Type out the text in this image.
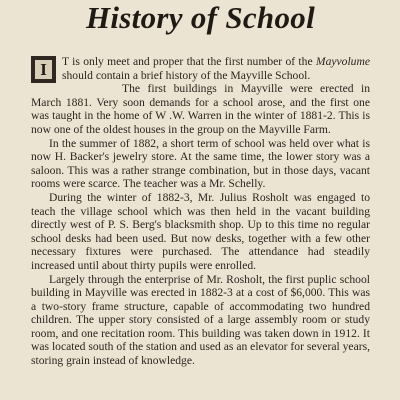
History of School

I T is only meet and proper that the first number of the Mayvolume should contain a brief history of the Mayville School.

The first buildings in Mayville were erected in March 1881. Very soon demands for a school arose, and the first one was taught in the home of W .W. Warren in the winter of 1881-2. This is now one of the oldest houses in the group on the Mayville Farm.

In the summer of 1882, a short term of school was held over what is now H. Backer's jewelry store. At the same time, the lower story was a saloon. This was a rather strange combination, but in those days, vacant rooms were scarce. The teacher was a Mr. Schelly.

During the winter of 1882-3, Mr. Julius Rosholt was engaged to teach the village school which was then held in the vacant building directly west of P. S. Berg's blacksmith shop. Up to this time no regular school desks had been used. But now desks, together with a few other necessary fixtures were purchased. The attendance had steadily increased until about thirty pupils were enrolled.

Largely through the enterprise of Mr. Rosholt, the first puplic school building in Mayville was erected in 1882-3 at a cost of $6,000. This was a two-story frame structure, capable of accommodating two hundred children. The upper story consisted of a large assembly room or study room, and one recitation room. This building was taken down in 1912. It was located south of the station and used as an elevator for several years, storing grain instead of knowledge.
